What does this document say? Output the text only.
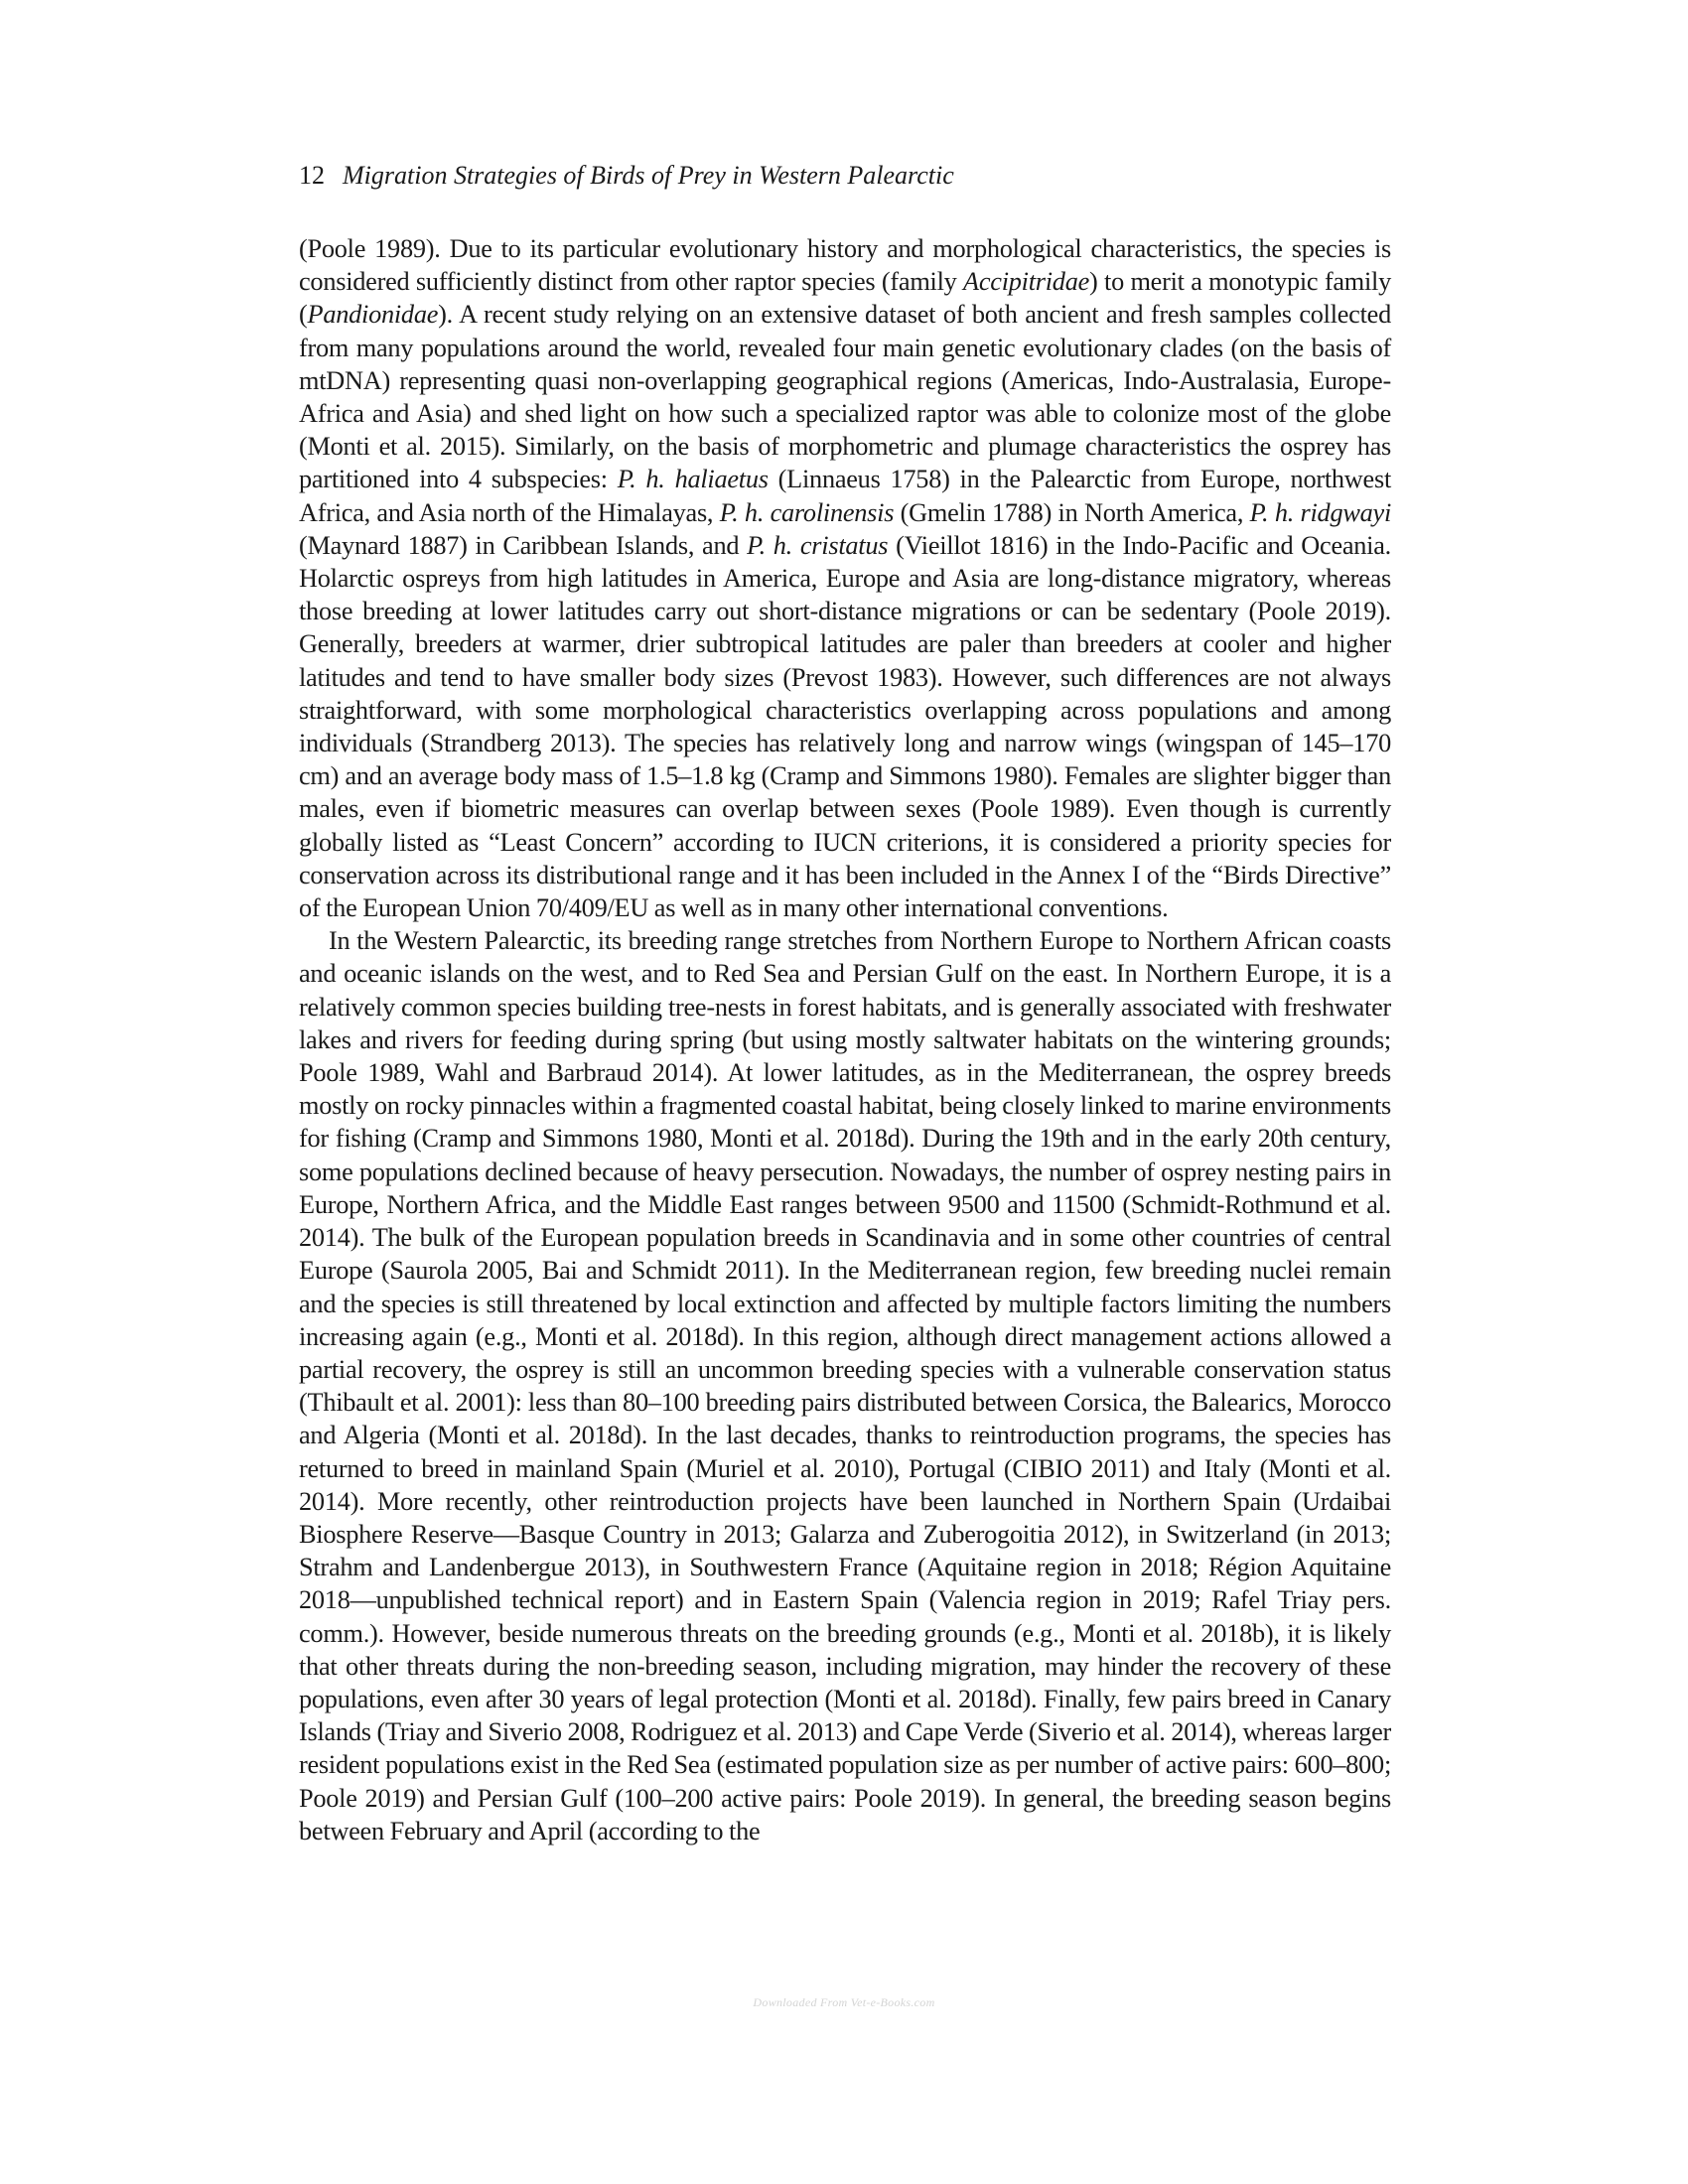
12 Migration Strategies of Birds of Prey in Western Palearctic

(Poole 1989). Due to its particular evolutionary history and morphological characteristics, the species is considered sufficiently distinct from other raptor species (family Accipitridae) to merit a monotypic family (Pandionidae). A recent study relying on an extensive dataset of both ancient and fresh samples collected from many populations around the world, revealed four main genetic evolutionary clades (on the basis of mtDNA) representing quasi non-overlapping geographical regions (Americas, Indo-Australasia, Europe-Africa and Asia) and shed light on how such a specialized raptor was able to colonize most of the globe (Monti et al. 2015). Similarly, on the basis of morphometric and plumage characteristics the osprey has partitioned into 4 subspecies: P. h. haliaetus (Linnaeus 1758) in the Palearctic from Europe, northwest Africa, and Asia north of the Himalayas, P. h. carolinensis (Gmelin 1788) in North America, P. h. ridgwayi (Maynard 1887) in Caribbean Islands, and P. h. cristatus (Vieillot 1816) in the Indo-Pacific and Oceania. Holarctic ospreys from high latitudes in America, Europe and Asia are long-distance migratory, whereas those breeding at lower latitudes carry out short-distance migrations or can be sedentary (Poole 2019). Generally, breeders at warmer, drier subtropical latitudes are paler than breeders at cooler and higher latitudes and tend to have smaller body sizes (Prevost 1983). However, such differences are not always straightforward, with some morphological characteristics overlapping across populations and among individuals (Strandberg 2013). The species has relatively long and narrow wings (wingspan of 145–170 cm) and an average body mass of 1.5–1.8 kg (Cramp and Simmons 1980). Females are slighter bigger than males, even if biometric measures can overlap between sexes (Poole 1989). Even though is currently globally listed as “Least Concern” according to IUCN criterions, it is considered a priority species for conservation across its distributional range and it has been included in the Annex I of the “Birds Directive” of the European Union 70/409/EU as well as in many other international conventions.

In the Western Palearctic, its breeding range stretches from Northern Europe to Northern African coasts and oceanic islands on the west, and to Red Sea and Persian Gulf on the east. In Northern Europe, it is a relatively common species building tree-nests in forest habitats, and is generally associated with freshwater lakes and rivers for feeding during spring (but using mostly saltwater habitats on the wintering grounds; Poole 1989, Wahl and Barbraud 2014). At lower latitudes, as in the Mediterranean, the osprey breeds mostly on rocky pinnacles within a fragmented coastal habitat, being closely linked to marine environments for fishing (Cramp and Simmons 1980, Monti et al. 2018d). During the 19th and in the early 20th century, some populations declined because of heavy persecution. Nowadays, the number of osprey nesting pairs in Europe, Northern Africa, and the Middle East ranges between 9500 and 11500 (Schmidt-Rothmund et al. 2014). The bulk of the European population breeds in Scandinavia and in some other countries of central Europe (Saurola 2005, Bai and Schmidt 2011). In the Mediterranean region, few breeding nuclei remain and the species is still threatened by local extinction and affected by multiple factors limiting the numbers increasing again (e.g., Monti et al. 2018d). In this region, although direct management actions allowed a partial recovery, the osprey is still an uncommon breeding species with a vulnerable conservation status (Thibault et al. 2001): less than 80–100 breeding pairs distributed between Corsica, the Balearics, Morocco and Algeria (Monti et al. 2018d). In the last decades, thanks to reintroduction programs, the species has returned to breed in mainland Spain (Muriel et al. 2010), Portugal (CIBIO 2011) and Italy (Monti et al. 2014). More recently, other reintroduction projects have been launched in Northern Spain (Urdaibai Biosphere Reserve—Basque Country in 2013; Galarza and Zuberogoitia 2012), in Switzerland (in 2013; Strahm and Landenbergue 2013), in Southwestern France (Aquitaine region in 2018; Région Aquitaine 2018—unpublished technical report) and in Eastern Spain (Valencia region in 2019; Rafel Triay pers. comm.). However, beside numerous threats on the breeding grounds (e.g., Monti et al. 2018b), it is likely that other threats during the non-breeding season, including migration, may hinder the recovery of these populations, even after 30 years of legal protection (Monti et al. 2018d). Finally, few pairs breed in Canary Islands (Triay and Siverio 2008, Rodriguez et al. 2013) and Cape Verde (Siverio et al. 2014), whereas larger resident populations exist in the Red Sea (estimated population size as per number of active pairs: 600–800; Poole 2019) and Persian Gulf (100–200 active pairs: Poole 2019). In general, the breeding season begins between February and April (according to the

Downloaded From Vet-e-Books.com
